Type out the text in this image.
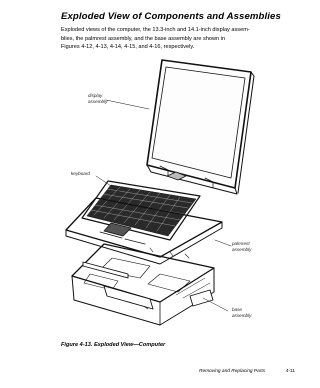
Exploded View of Components and Assemblies
Exploded views of the computer, the 13.3-inch and 14.1-inch display assem-
blies, the palmrest assembly, and the base assembly are shown in
Figures 4-12, 4-13, 4-14, 4-15, and 4-16, respectively.
display
assembly
keyboard
palmrest
assembly
base
assembly
Figure 4-13. Exploded View—Computer
Removing and Replacing Parts	4-11
